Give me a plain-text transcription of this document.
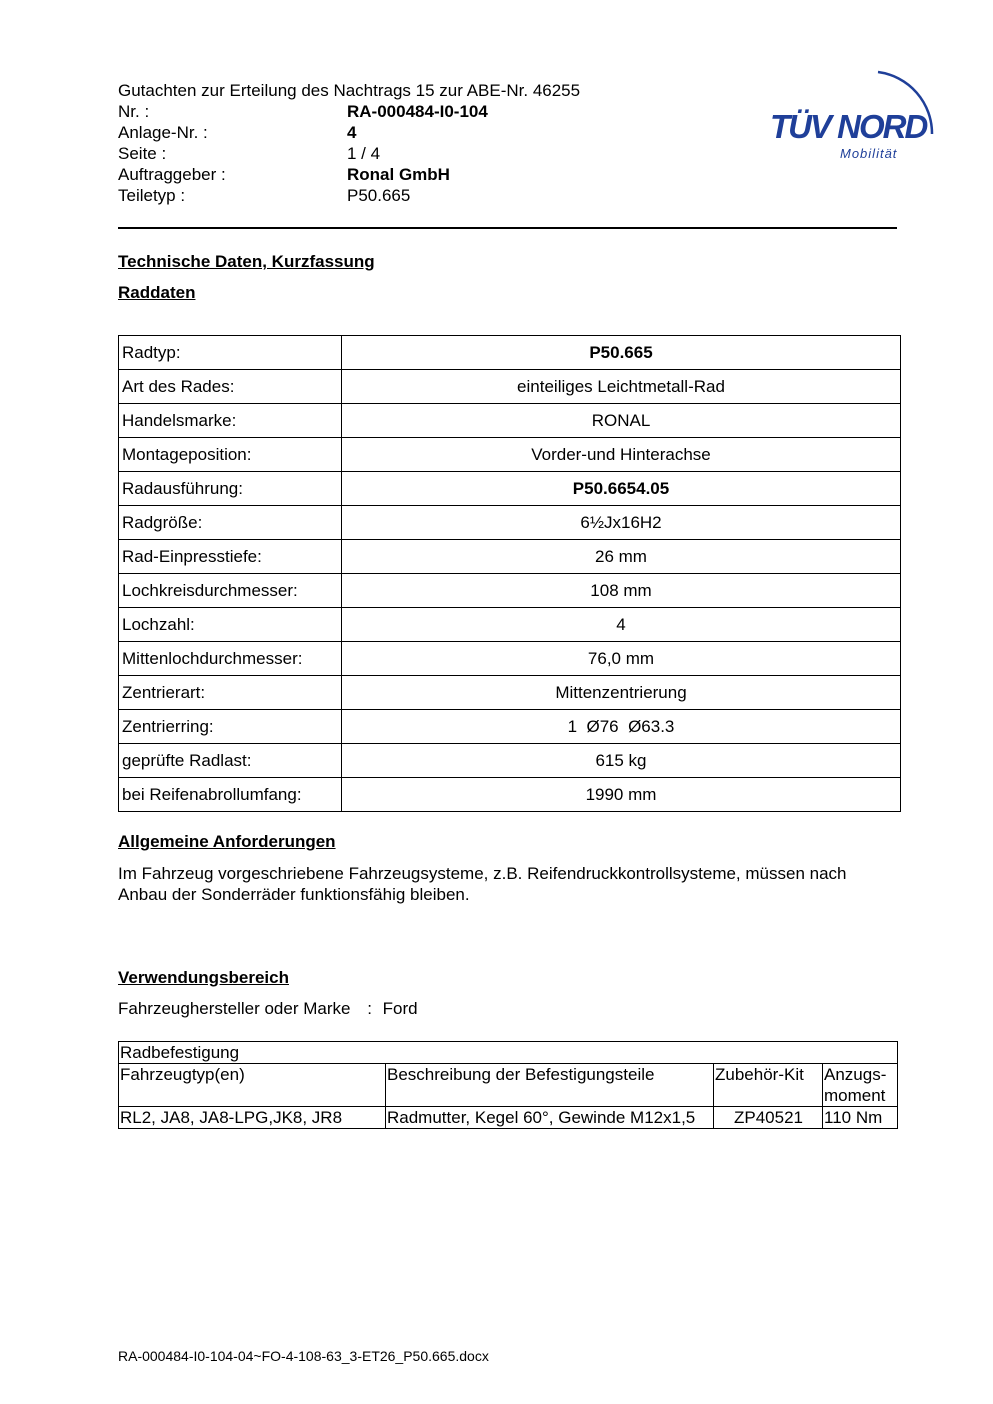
Gutachten zur Erteilung des Nachtrags 15 zur ABE-Nr. 46255
Nr. :	RA-000484-I0-104
Anlage-Nr. :	4
Seite :	1 / 4
Auftraggeber :	Ronal GmbH
Teiletyp :	P50.665
TÜV NORD
Mobilität
Technische Daten, Kurzfassung
Raddaten
Radtyp:	P50.665
Art des Rades:	einteiliges Leichtmetall-Rad
Handelsmarke:	RONAL
Montageposition:	Vorder-und Hinterachse
Radausführung:	P50.6654.05
Radgröße:	6½Jx16H2
Rad-Einpresstiefe:	26 mm
Lochkreisdurchmesser:	108 mm
Lochzahl:	4
Mittenlochdurchmesser:	76,0 mm
Zentrierart:	Mittenzentrierung
Zentrierring:	1  Ø76  Ø63.3
geprüfte Radlast:	615 kg
bei Reifenabrollumfang:	1990 mm
Allgemeine Anforderungen
Im Fahrzeug vorgeschriebene Fahrzeugsysteme, z.B. Reifendruckkontrollsysteme, müssen nach Anbau der Sonderräder funktionsfähig bleiben.
Verwendungsbereich
Fahrzeughersteller oder Marke : Ford
Radbefestigung			
Fahrzeugtyp(en)	Beschreibung der Befestigungsteile	Zubehör-Kit	Anzugs-
moment
RL2, JA8, JA8-LPG,JK8, JR8	Radmutter, Kegel 60°, Gewinde M12x1,5	ZP40521	110 Nm
RA-000484-I0-104-04~FO-4-108-63_3-ET26_P50.665.docx
